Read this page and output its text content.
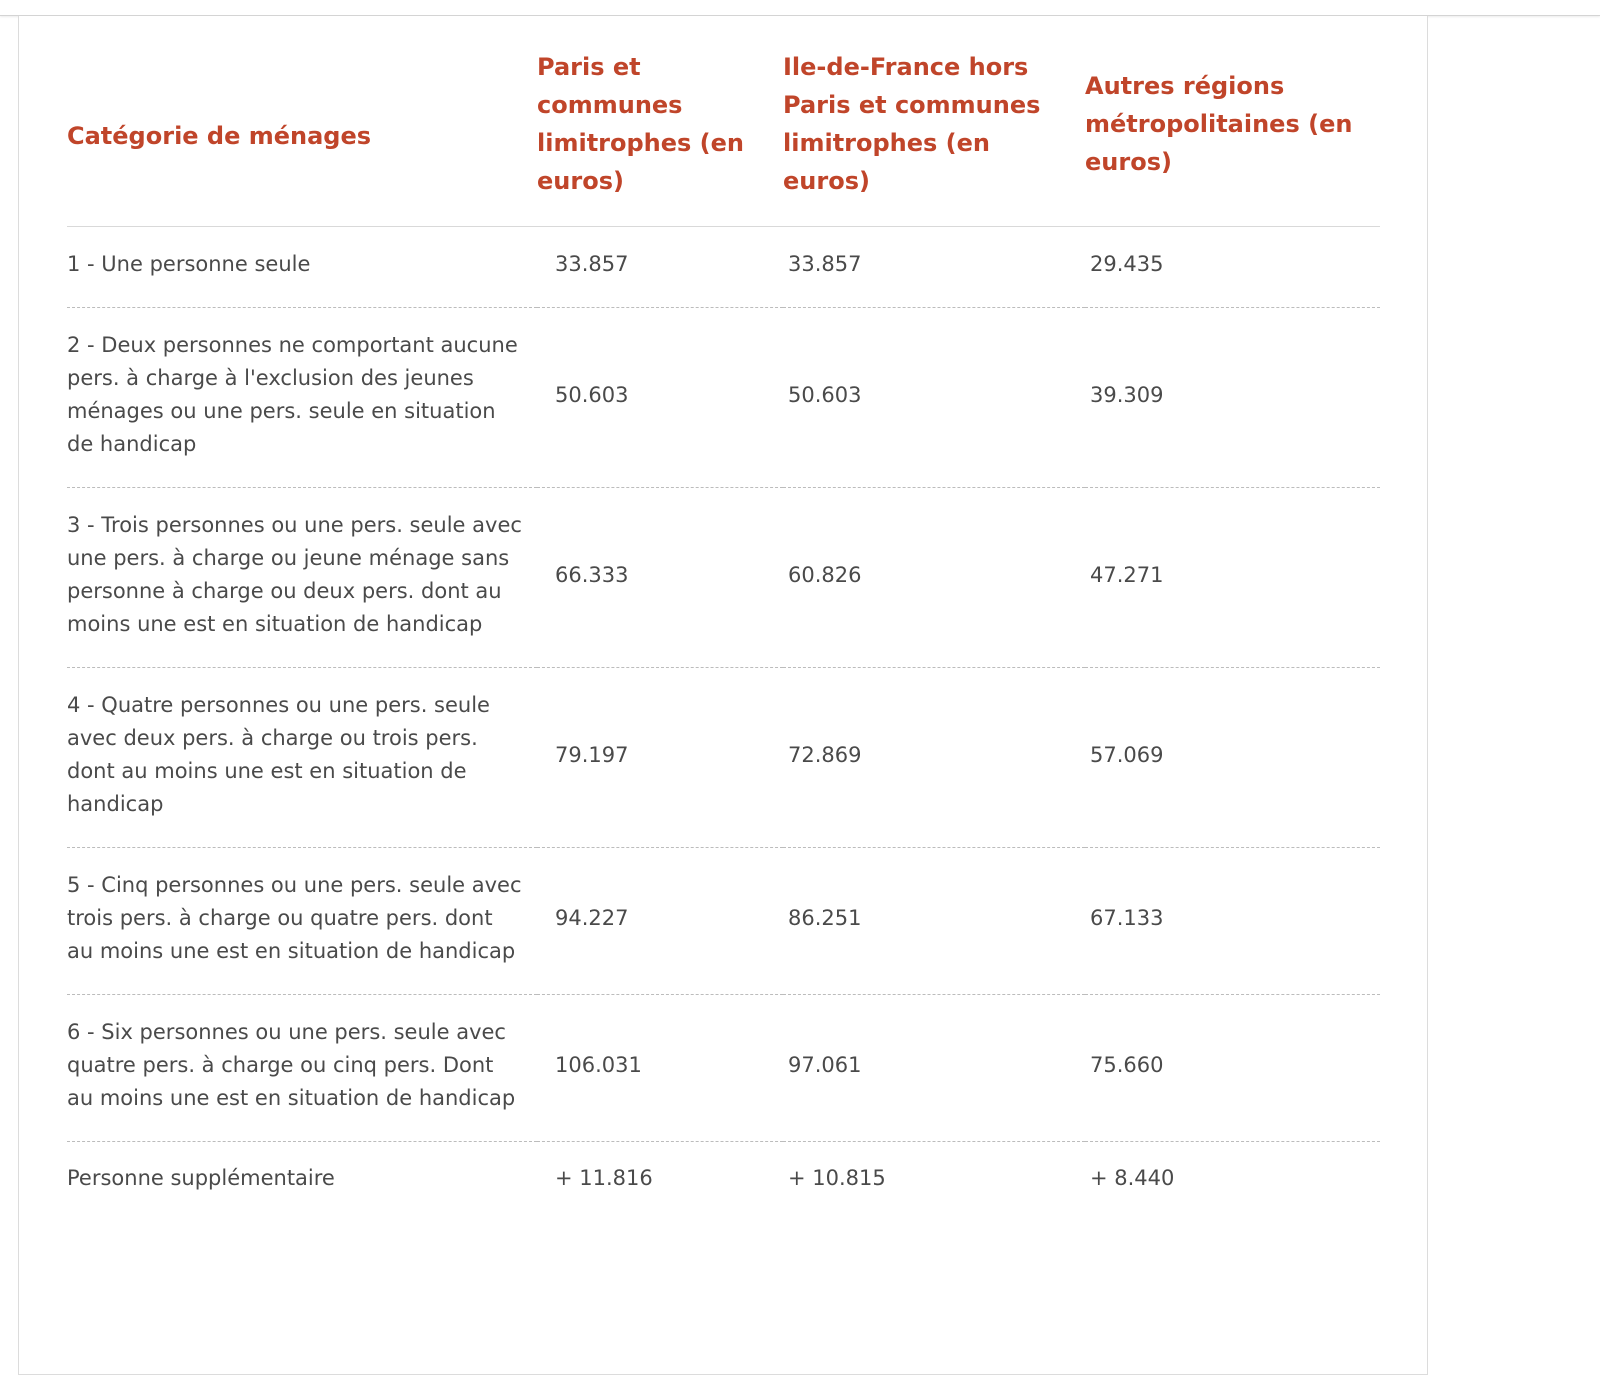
Catégorie de ménages	Paris et communes limitrophes (en euros)	Ile-de-France hors Paris et communes limitrophes (en euros)	Autres régions métropolitaines (en euros)
1 - Une personne seule	33.857	33.857	29.435
2 - Deux personnes ne comportant aucune pers. à charge à l'exclusion des jeunes ménages ou une pers. seule en situation de handicap	50.603	50.603	39.309
3 - Trois personnes ou une pers. seule avec une pers. à charge ou jeune ménage sans personne à charge ou deux pers. dont au moins une est en situation de handicap	66.333	60.826	47.271
4 - Quatre personnes ou une pers. seule avec deux pers. à charge ou trois pers. dont au moins une est en situation de handicap	79.197	72.869	57.069
5 - Cinq personnes ou une pers. seule avec trois pers. à charge ou quatre pers. dont au moins une est en situation de handicap	94.227	86.251	67.133
6 - Six personnes ou une pers. seule avec quatre pers. à charge ou cinq pers. Dont au moins une est en situation de handicap	106.031	97.061	75.660
Personne supplémentaire	+ 11.816	+ 10.815	+ 8.440
